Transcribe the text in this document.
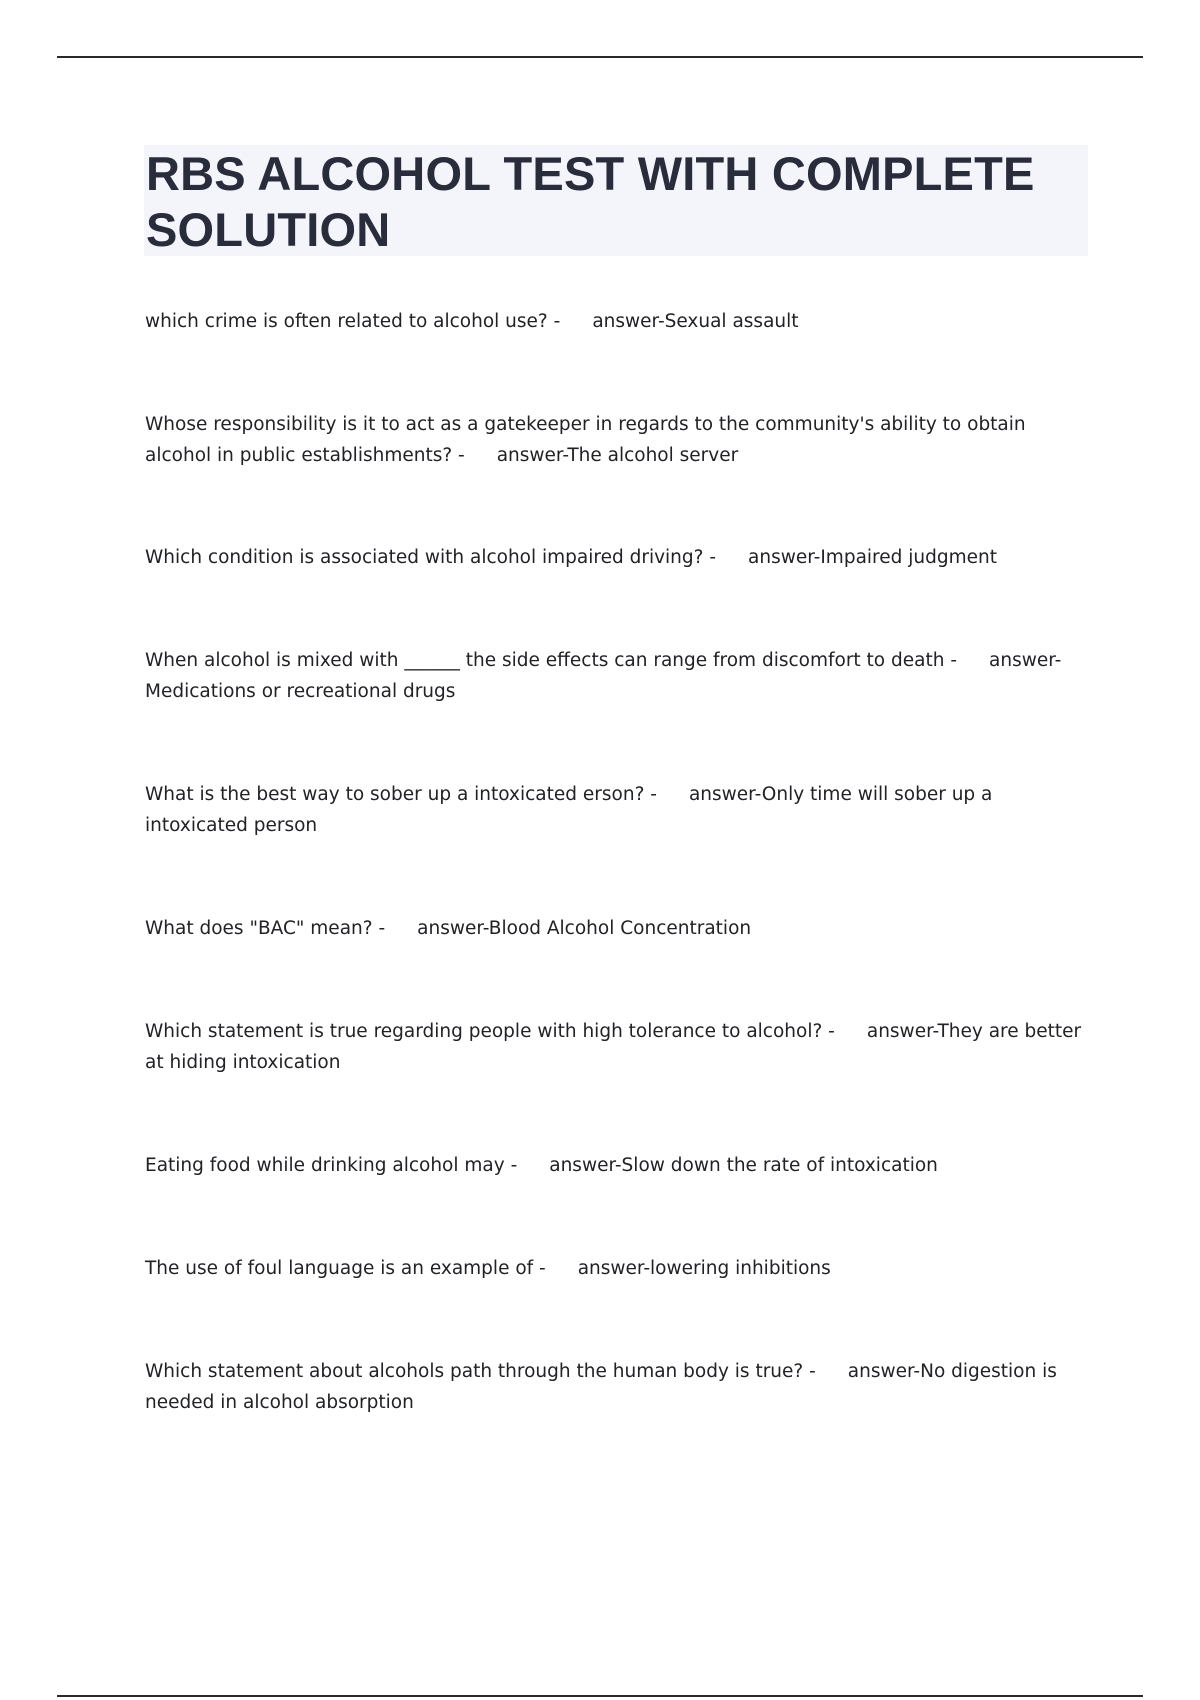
RBS ALCOHOL TEST WITH COMPLETE SOLUTION

which crime is often related to alcohol use? - answer-Sexual assault

Whose responsibility is it to act as a gatekeeper in regards to the community's ability to obtain alcohol in public establishments? - answer-The alcohol server

Which condition is associated with alcohol impaired driving? - answer-Impaired judgment

When alcohol is mixed with ______ the side effects can range from discomfort to death - answer-Medications or recreational drugs

What is the best way to sober up a intoxicated erson? - answer-Only time will sober up a intoxicated person

What does "BAC" mean? - answer-Blood Alcohol Concentration

Which statement is true regarding people with high tolerance to alcohol? - answer-They are better at hiding intoxication

Eating food while drinking alcohol may - answer-Slow down the rate of intoxication

The use of foul language is an example of - answer-lowering inhibitions

Which statement about alcohols path through the human body is true? - answer-No digestion is needed in alcohol absorption
